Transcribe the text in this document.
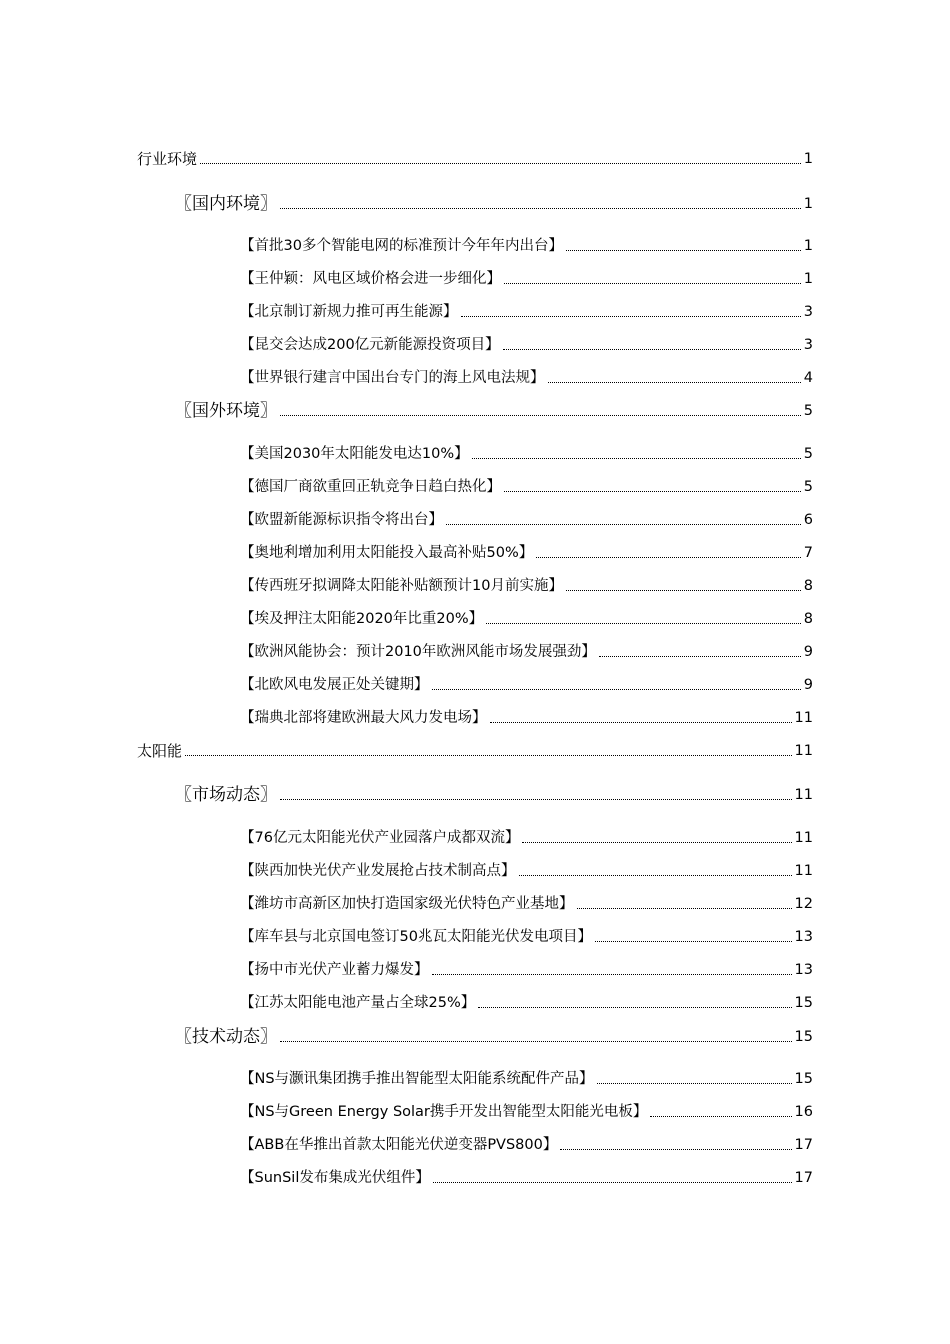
行业环境	1
〖国内环境〗	1
【首批30多个智能电网的标准预计今年年内出台】	1
【王仲颖：风电区域价格会进一步细化】	1
【北京制订新规力推可再生能源】	3
【昆交会达成200亿元新能源投资项目】	3
【世界银行建言中国出台专门的海上风电法规】	4
〖国外环境〗	5
【美国2030年太阳能发电达10%】	5
【德国厂商欲重回正轨竞争日趋白热化】	5
【欧盟新能源标识指令将出台】	6
【奥地利增加利用太阳能投入最高补贴50%】	7
【传西班牙拟调降太阳能补贴额预计10月前实施】	8
【埃及押注太阳能2020年比重20%】	8
【欧洲风能协会：预计2010年欧洲风能市场发展强劲】	9
【北欧风电发展正处关键期】	9
【瑞典北部将建欧洲最大风力发电场】	11
太阳能	11
〖市场动态〗	11
【76亿元太阳能光伏产业园落户成都双流】	11
【陕西加快光伏产业发展抢占技术制高点】	11
【潍坊市高新区加快打造国家级光伏特色产业基地】	12
【库车县与北京国电签订50兆瓦太阳能光伏发电项目】	13
【扬中市光伏产业蓄力爆发】	13
【江苏太阳能电池产量占全球25%】	15
〖技术动态〗	15
【NS与灏讯集团携手推出智能型太阳能系统配件产品】	15
【NS与Green Energy Solar携手开发出智能型太阳能光电板】	16
【ABB在华推出首款太阳能光伏逆变器PVS800】	17
【SunSil发布集成光伏组件】	17
